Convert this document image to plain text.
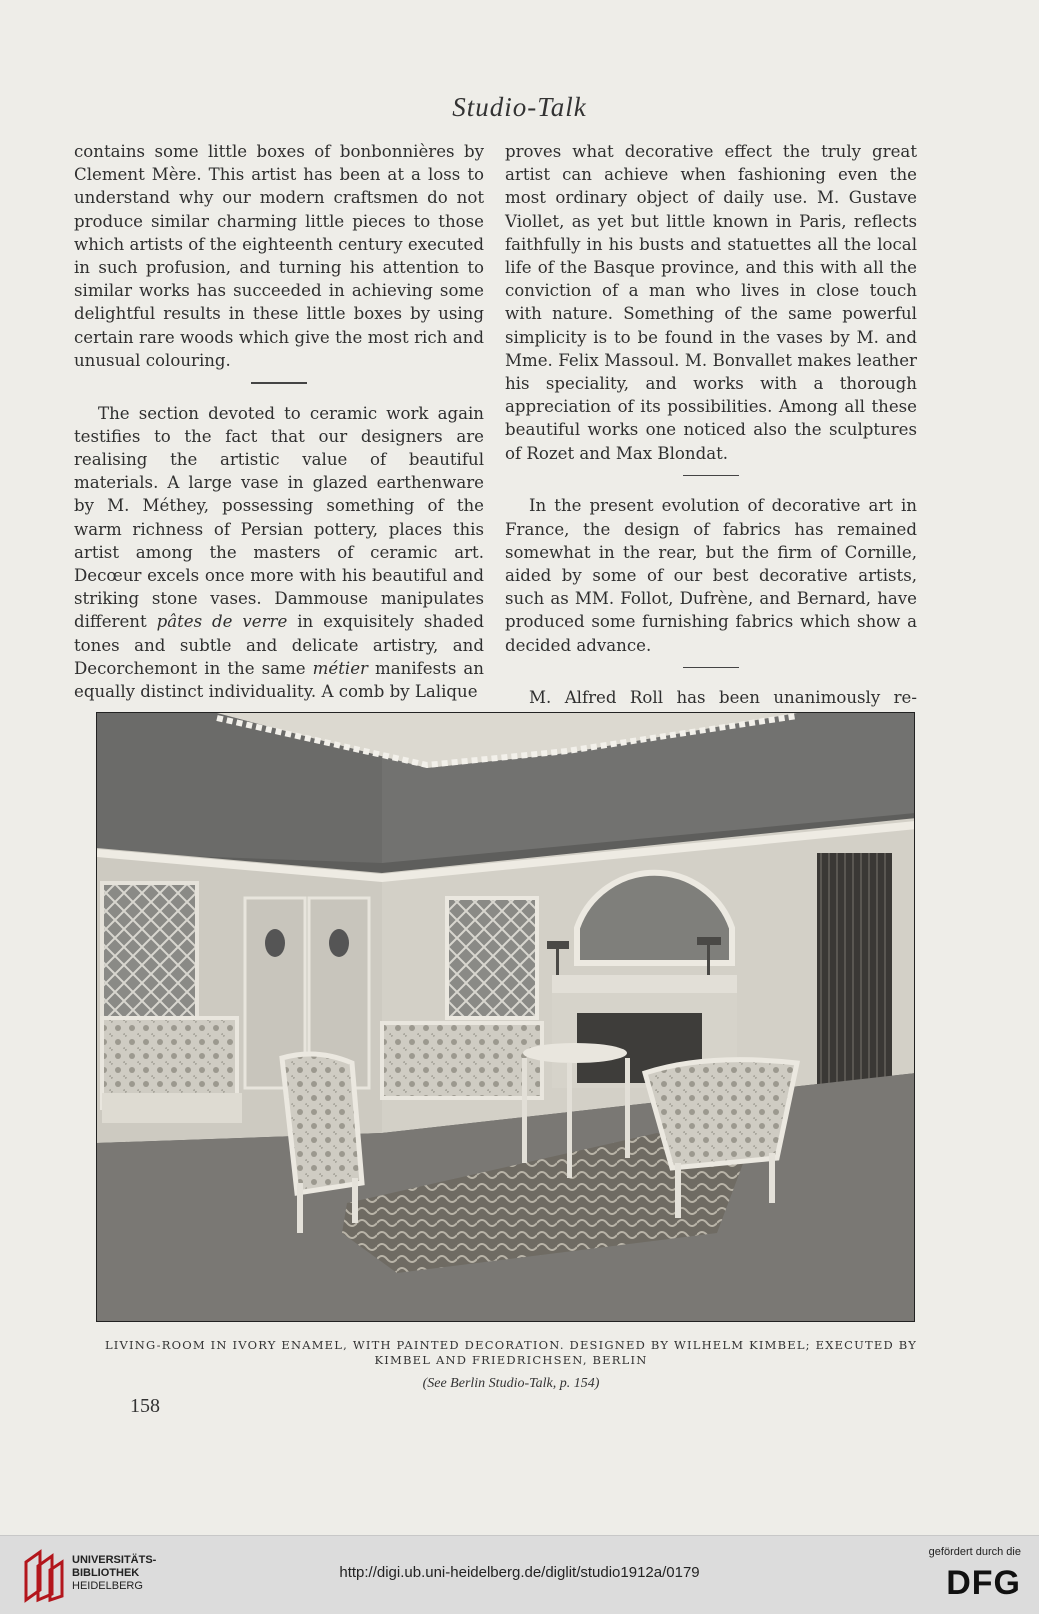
Studio-Talk

contains some little boxes of bonbonnières by Clement Mère. This artist has been at a loss to understand why our modern craftsmen do not produce similar charming little pieces to those which artists of the eighteenth century executed in such profusion, and turning his attention to similar works has succeeded in achieving some delightful results in these little boxes by using certain rare woods which give the most rich and unusual colouring.

The section devoted to ceramic work again testifies to the fact that our designers are realising the artistic value of beautiful materials. A large vase in glazed earthenware by M. Méthey, possessing something of the warm richness of Persian pottery, places this artist among the masters of ceramic art. Decœur excels once more with his beautiful and striking stone vases. Dammouse manipulates different pâtes de verre in exquisitely shaded tones and subtle and delicate artistry, and Decorchemont in the same métier manifests an equally distinct individuality. A comb by Lalique

proves what decorative effect the truly great artist can achieve when fashioning even the most ordinary object of daily use. M. Gustave Viollet, as yet but little known in Paris, reflects faithfully in his busts and statuettes all the local life of the Basque province, and this with all the conviction of a man who lives in close touch with nature. Something of the same powerful simplicity is to be found in the vases by M. and Mme. Felix Massoul. M. Bonvallet makes leather his speciality, and works with a thorough appreciation of its possibilities. Among all these beautiful works one noticed also the sculptures of Rozet and Max Blondat.

In the present evolution of decorative art in France, the design of fabrics has remained somewhat in the rear, but the firm of Cornille, aided by some of our best decorative artists, such as MM. Follot, Dufrène, and Bernard, have produced some furnishing fabrics which show a decided advance.

M. Alfred Roll has been unanimously re-

LIVING-ROOM IN IVORY ENAMEL, WITH PAINTED DECORATION. DESIGNED BY WILHELM KIMBEL; EXECUTED BY
KIMBEL AND FRIEDRICHSEN, BERLIN
(See Berlin Studio-Talk, p. 154)
158
UNIVERSITÄTS-
BIBLIOTHEK
HEIDELBERG
http://digi.ub.uni-heidelberg.de/diglit/studio1912a/0179
gefördert durch die
DFG
